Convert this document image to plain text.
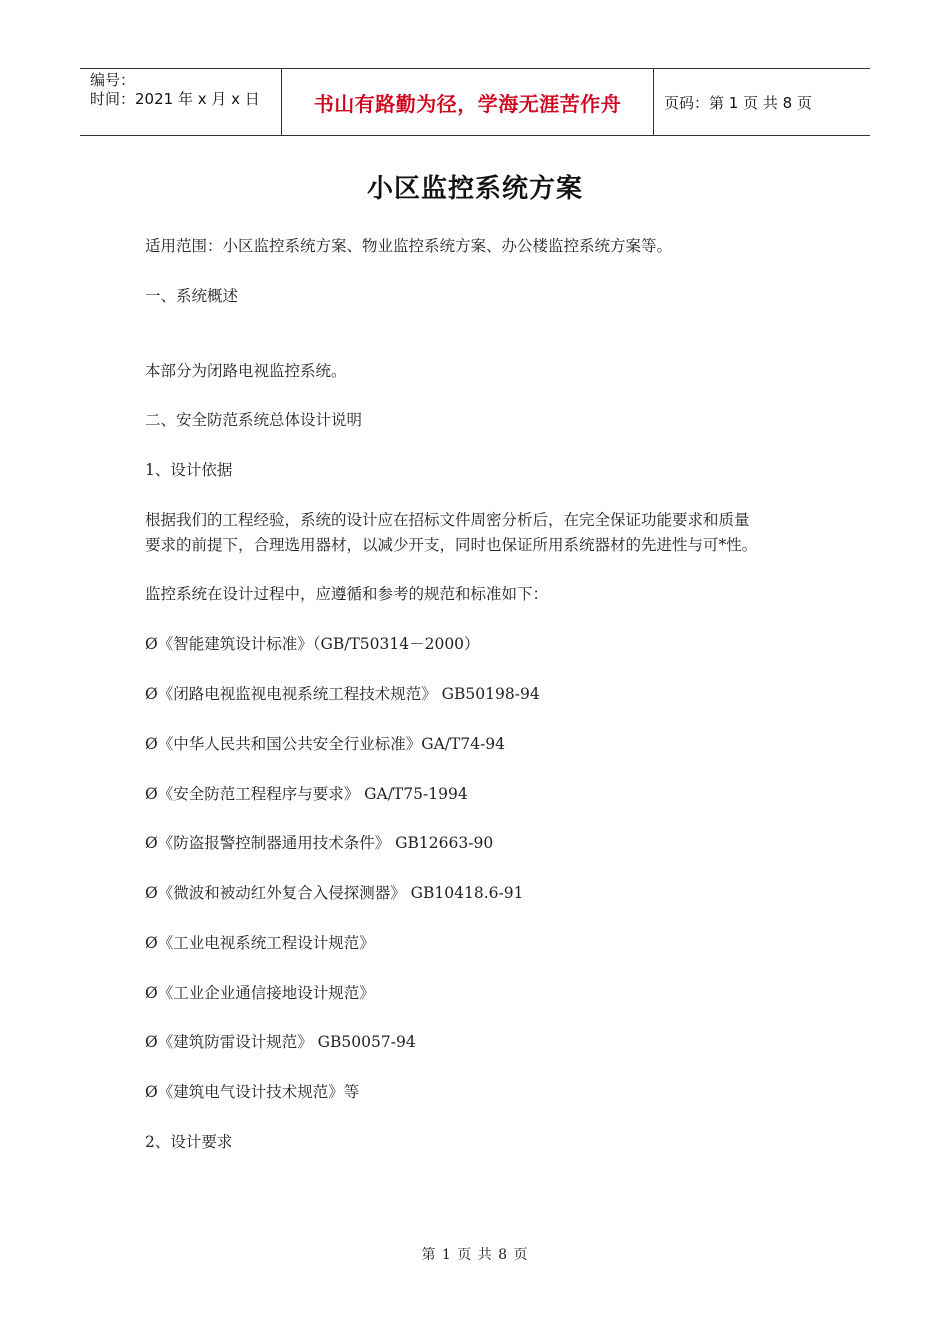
编号：
时间：2021 年 x 月 x 日	书山有路勤为径，学海无涯苦作舟	页码：第 1 页 共 8 页
小区监控系统方案
适用范围：小区监控系统方案、物业监控系统方案、办公楼监控系统方案等。
一、系统概述
本部分为闭路电视监控系统。
二、安全防范系统总体设计说明
1、设计依据
根据我们的工程经验，系统的设计应在招标文件周密分析后，在完全保证功能要求和质量
要求的前提下，合理选用器材，以减少开支，同时也保证所用系统器材的先进性与可*性。
监控系统在设计过程中，应遵循和参考的规范和标准如下：
Ø《智能建筑设计标准》（GB/T50314－2000）
Ø《闭路电视监视电视系统工程技术规范》 GB50198-94
Ø《中华人民共和国公共安全行业标准》GA/T74-94
Ø《安全防范工程程序与要求》 GA/T75-1994
Ø《防盗报警控制器通用技术条件》 GB12663-90
Ø《微波和被动红外复合入侵探测器》 GB10418.6-91
Ø《工业电视系统工程设计规范》
Ø《工业企业通信接地设计规范》
Ø《建筑防雷设计规范》 GB50057-94
Ø《建筑电气设计技术规范》等
2、设计要求
第 1 页 共 8 页
